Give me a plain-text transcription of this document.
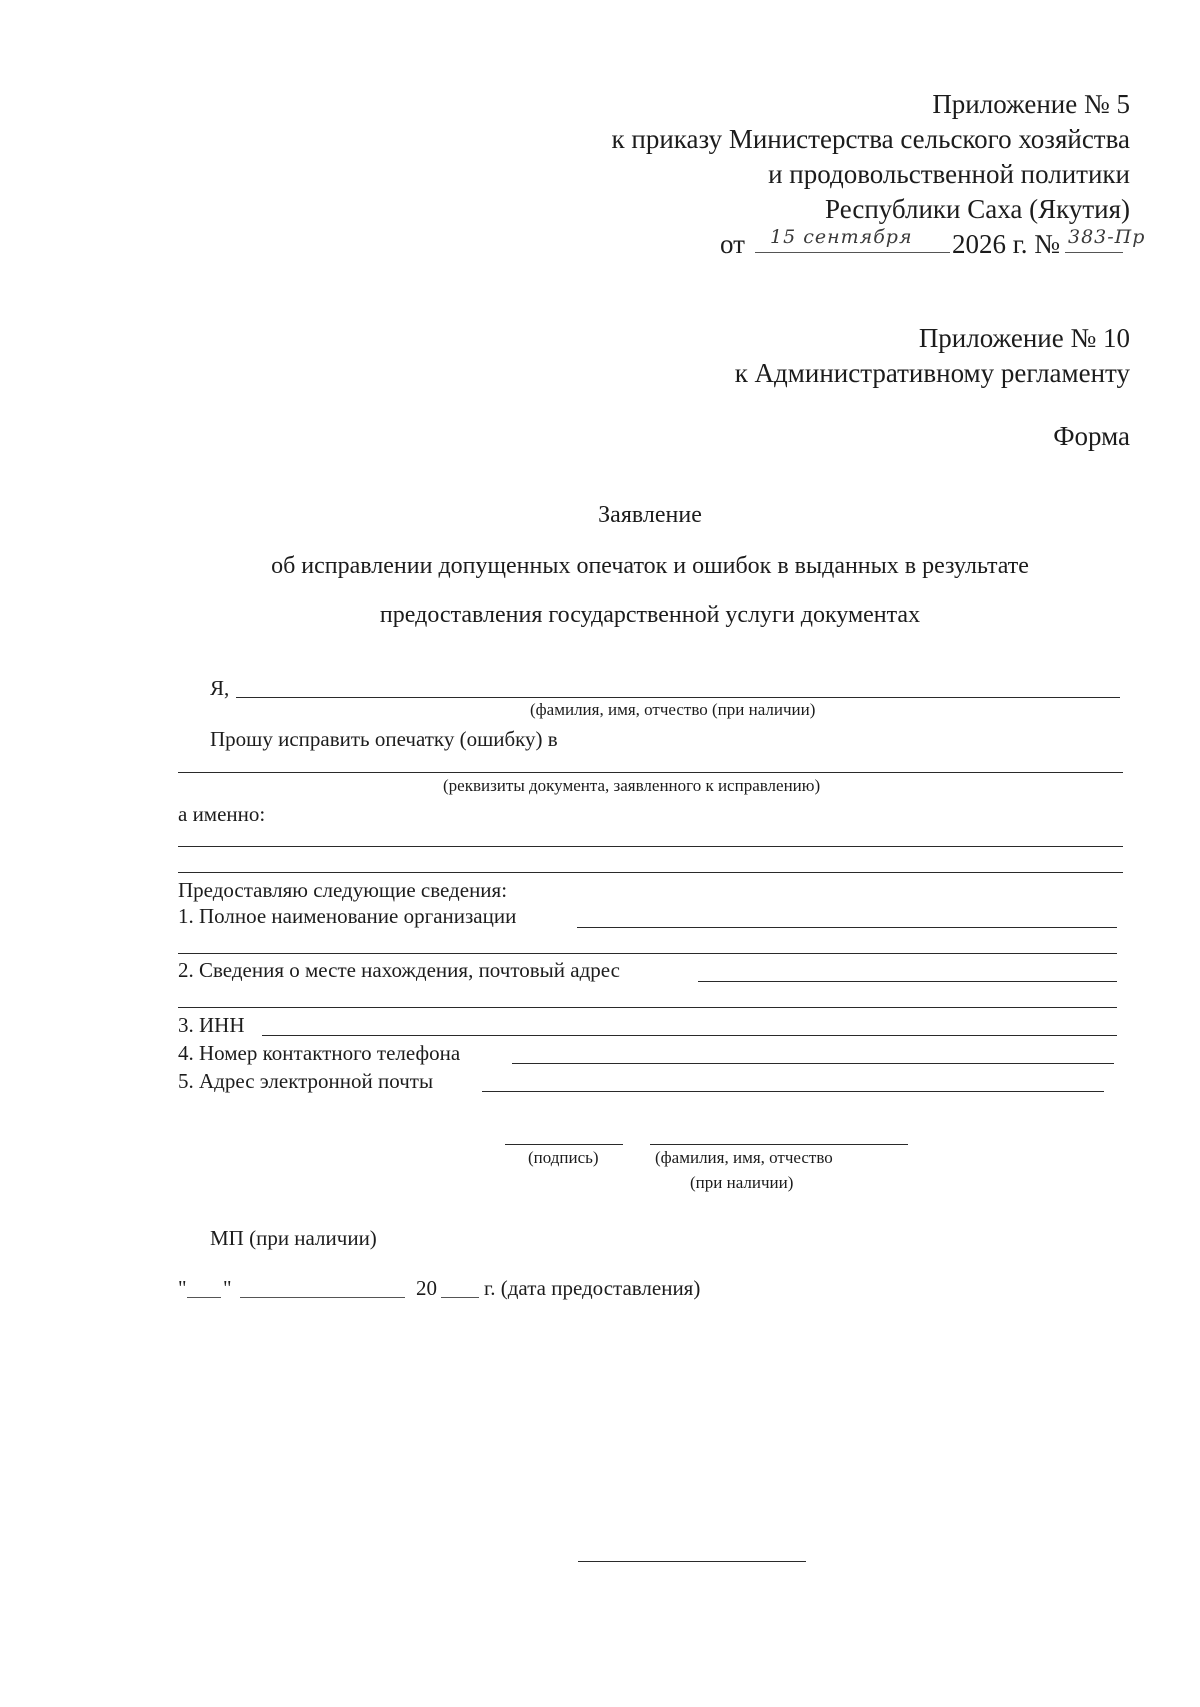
Приложение № 5
к приказу Министерства сельского хозяйства
и продовольственной политики
Республики Саха (Якутия)
от 15 сентября 2026 г. № 383-Пр
Приложение № 10
к Административному регламенту
Форма
Заявление
об исправлении допущенных опечаток и ошибок в выданных в результате
предоставления государственной услуги документах
Я,
(фамилия, имя, отчество (при наличии)
Прошу исправить опечатку (ошибку) в
(реквизиты документа, заявленного к исправлению)
а именно:
Предоставляю следующие сведения:
1. Полное наименование организации
2. Сведения о месте нахождения, почтовый адрес
3. ИНН
4. Номер контактного телефона
5. Адрес электронной почты
(подпись)	(фамилия, имя, отчество
(при наличии)
МП (при наличии)
" "	20 г. (дата предоставления)
